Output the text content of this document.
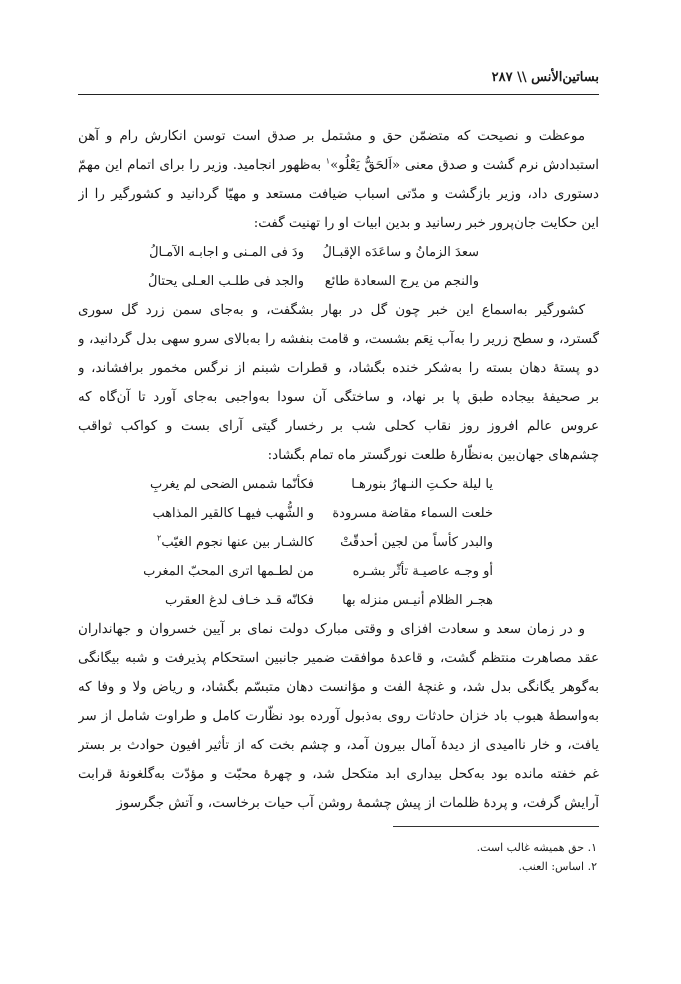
بساتین‌الأنس \\ ۲۸۷
موعظت و نصیحت که متضمّن حق و مشتمل بر صدق است توسن انکارش رام و آهن
استبدادش نرم گشت و صدق معنی «اَلحَقُّ یَعْلُو»$^۱$ به‌ظهور انجامید. وزیر را برای اتمام این مهمّ
دستوری داد، وزیر بازگشت و مدّتی اسباب ضیافت مستعد و مهیّا گردانید و کشورگیر را از
این حکایت جان‌پرور خبر رسانید و بدین ابیات او را تهنیت گفت:
سعدَ الزمانُ و ساعَدَه الإقبـالُ
ودَ فی المـنی و اجابـه الآمـالُ
والنجم من یرج السعادة طائع
والجد فی طلـب العـلی یحتالُ
کشورگیر به‌اسماع این خبر چون گل در بهار بشگفت، و به‌جای سمن زرد گل سوری
گسترد، و سطح زریر را به‌آب نِعَم بشست، و قامت بنفشه را به‌بالای سرو سهی بدل گردانید، و
دو پستهٔ دهان بسته را به‌شکر خنده بگشاد، و قطرات شبنم از نرگس مخمور برافشاند، و
بر صحیفهٔ بیجاده طبق پا بر نهاد، و ساختگی آن سودا به‌واجبی به‌جای آورد تا آن‌گاه که
عروس عالم افروز روز نقاب کحلی شب بر رخسار گیتی آرای بست و کواکب ثواقب
چشم‌های جهان‌بین به‌نظّارهٔ طلعت نورگستر ماه تمام بگشاد:
یا لیلة حکـتِ النـهارُ بنورهـا
فکأنّما شمس الضحی لم یغربِ
خلعت السماء مقاضة مسرودة
و الشُّهب فیهـا کالقیر المذاهب
والبدر کأساً من لجین أحدقّتْ
کالشـار بین عنها نجوم الغیّب$^۲$
أو وجـه عاصیـة تأثّر بشـره
من لطـمها اتری المحبّ المغرب
هجـر الظلام أنیـس منزله بها
فکانّه قـد خـاف لدغ العقرب
و در زمان سعد و سعادت افزای و وقتی مبارک دولت نمای بر آیین خسروان و جهانداران
عقد مصاهرت منتظم گشت، و قاعدهٔ موافقت ضمیر جانبین استحکام پذیرفت و شبه بیگانگی
به‌گوهر یگانگی بدل شد، و غنچهٔ الفت و مؤانست دهان متبسّم بگشاد، و ریاض ولا و وفا که
به‌واسطهٔ هبوب باد خزان حادثات روی به‌ذبول آورده بود نظّارت کامل و طراوت شامل از سر
یافت، و خار ناامیدی از دیدهٔ آمال بیرون آمد، و چشم بخت که از تأثیر افیون حوادث بر بستر
غم خفته مانده بود به‌کحل بیداری ابد متکحل شد، و چهرهٔ محبّت و مؤدّت به‌گلغونهٔ قرابت
آرایش گرفت، و پردهٔ ظلمات از پیش چشمهٔ روشن آب حیات برخاست، و آتش جگرسوز
۱. حق همیشه غالب است.
۲. اساس: العنب.
